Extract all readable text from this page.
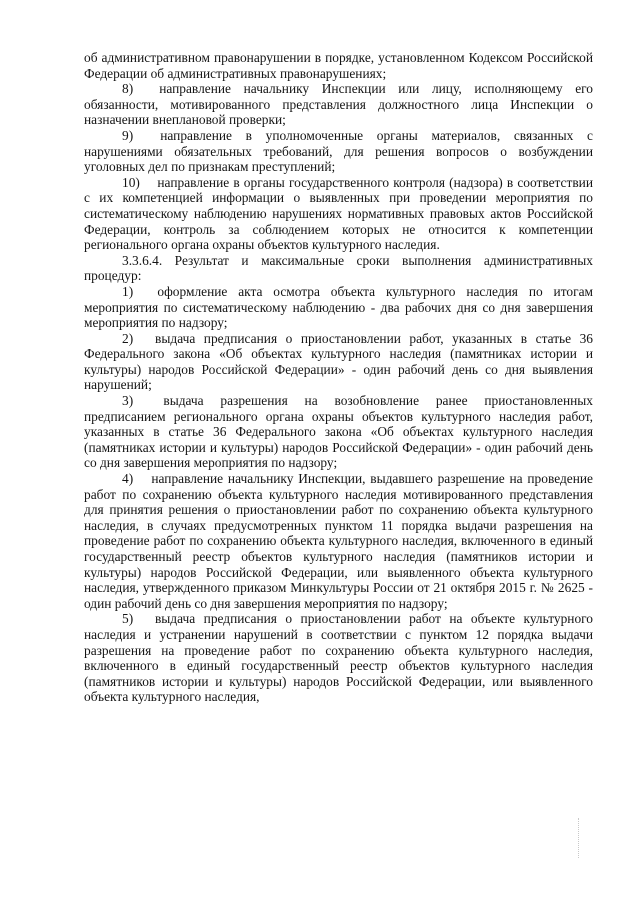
об административном правонарушении в порядке, установленном Кодексом Российской Федерации об административных правонарушениях;

8)  направление начальнику Инспекции или лицу, исполняющему его обязанности, мотивированного представления должностного лица Инспекции о назначении внеплановой проверки;

9)  направление в уполномоченные органы материалов, связанных с нарушениями обязательных требований, для решения вопросов о возбуждении уголовных дел по признакам преступлений;

10)  направление в органы государственного контроля (надзора) в соответствии с их компетенцией информации о выявленных при проведении мероприятия по систематическому наблюдению нарушениях нормативных правовых актов Российской Федерации, контроль за соблюдением которых не относится к компетенции регионального органа охраны объектов культурного наследия.

3.3.6.4. Результат и максимальные сроки выполнения административных процедур:

1)  оформление акта осмотра объекта культурного наследия по итогам мероприятия по систематическому наблюдению - два рабочих дня со дня завершения мероприятия по надзору;

2)  выдача предписания о приостановлении работ, указанных в статье 36 Федерального закона «Об объектах культурного наследия (памятниках истории и культуры) народов Российской Федерации» - один рабочий день со дня выявления нарушений;

3)  выдача разрешения на возобновление ранее приостановленных предписанием регионального органа охраны объектов культурного наследия работ, указанных в статье 36 Федерального закона «Об объектах культурного наследия (памятниках истории и культуры) народов Российской Федерации» - один рабочий день со дня завершения мероприятия по надзору;

4)  направление начальнику Инспекции, выдавшего разрешение на проведение работ по сохранению объекта культурного наследия мотивированного представления для принятия решения о приостановлении работ по сохранению объекта культурного наследия, в случаях предусмотренных пунктом 11 порядка выдачи разрешения на проведение работ по сохранению объекта культурного наследия, включенного в единый государственный реестр объектов культурного наследия (памятников истории и культуры) народов Российской Федерации, или выявленного объекта культурного наследия, утвержденного приказом Минкультуры России от 21 октября 2015 г. № 2625 - один рабочий день со дня завершения мероприятия по надзору;

5)  выдача предписания о приостановлении работ на объекте культурного наследия и устранении нарушений в соответствии с пунктом 12 порядка выдачи разрешения на проведение работ по сохранению объекта культурного наследия, включенного в единый государственный реестр объектов культурного наследия (памятников истории и культуры) народов Российской Федерации, или выявленного объекта культурного наследия,
